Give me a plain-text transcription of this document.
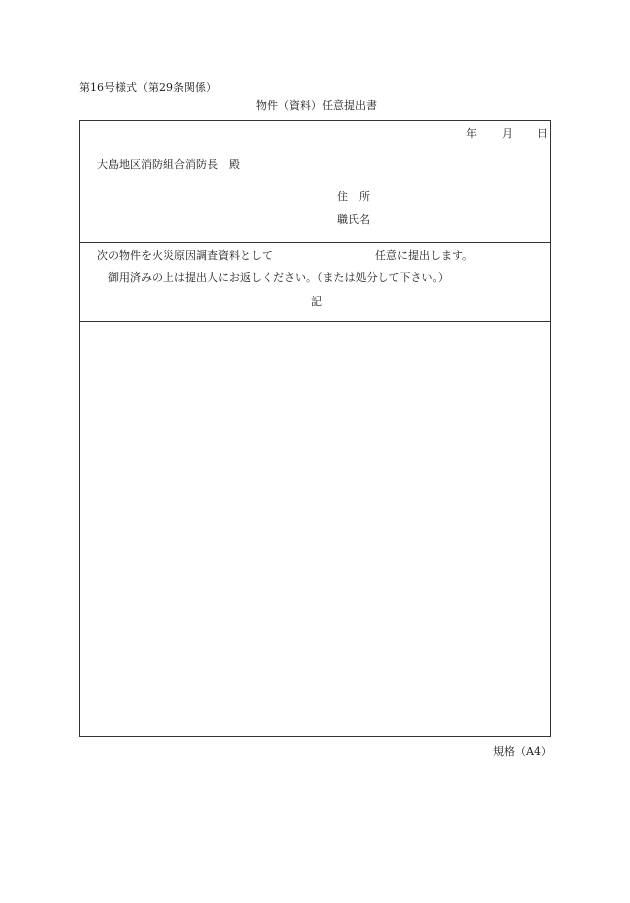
第16号様式（第29条関係）
物件（資料）任意提出書
年 月 日
大島地区消防組合消防長　殿
住　所
職氏名
次の物件を火災原因調査資料として	任意に提出します。
御用済みの上は提出人にお返しください。（または処分して下さい。）
記
規格（A4）
